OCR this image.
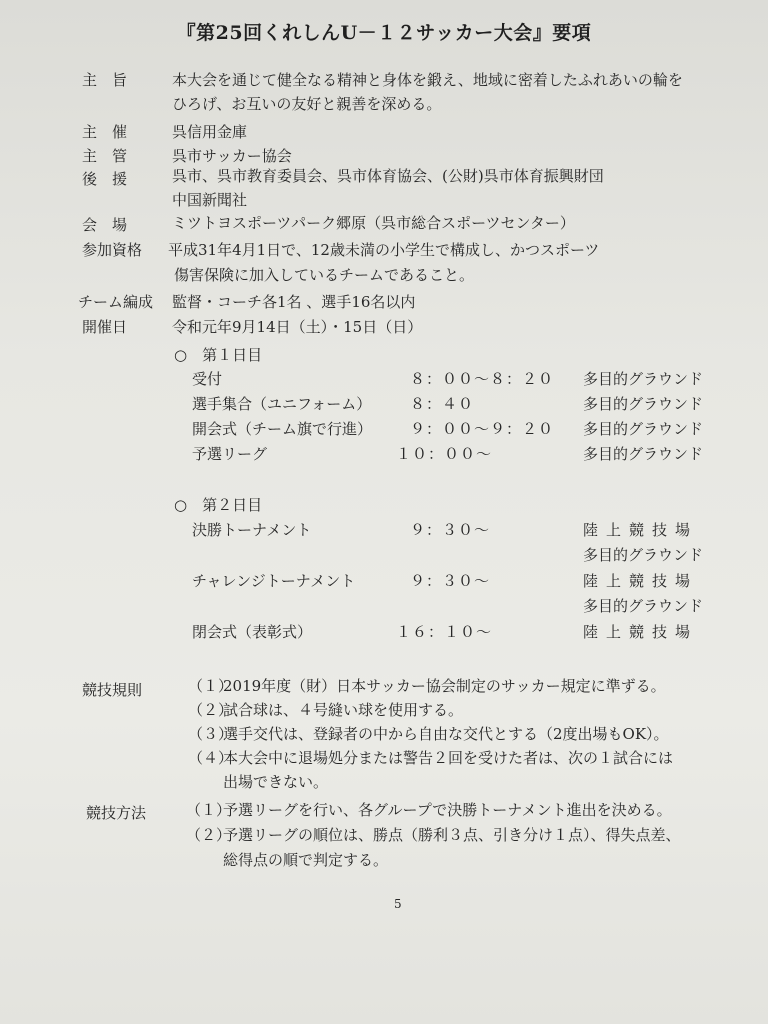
『第25回くれしんU－１２サッカー大会』要項
主　旨	本大会を通じて健全なる精神と身体を鍛え、地域に密着したふれあいの輪を
ひろげ、お互いの友好と親善を深める。
主　催	呉信用金庫
主　管	呉市サッカー協会
後　援	呉市、呉市教育委員会、呉市体育協会、(公財)呉市体育振興財団
中国新聞社
会　場	ミツトヨスポーツパーク郷原（呉市総合スポーツセンター）
参加資格 平成31年4月1日で、12歳未満の小学生で構成し、かつスポーツ
傷害保険に加入しているチームであること。
チーム編成 監督・コーチ各1名 、選手16名以内
開催日	令和元年9月14日（土）・15日（日）
○　第１日目
受付	８：００～８：２０ 多目的グラウンド
選手集合（ユニフォーム）	８：４０	多目的グラウンド
開会式（チーム旗で行進）	９：００～９：２０ 多目的グラウンド
予選リーグ	１０：００～	多目的グラウンド
○　第２日目
決勝トーナメント	９：３０～	陸上競技場
多目的グラウンド
チャレンジトーナメント	９：３０～	陸上競技場
多目的グラウンド
閉会式（表彰式）	１６：１０～	陸上競技場
競技規則	（１）
2019年度（財）日本サッカー協会制定のサッカー規定に準ずる。
（２）
試合球は、４号縫い球を使用する。
（３）
選手交代は、登録者の中から自由な交代とする（2度出場もOK）。
（４）
本大会中に退場処分または警告２回を受けた者は、次の１試合には
出場できない。
競技方法	（１）
予選リーグを行い、各グループで決勝トーナメント進出を決める。
（２）
予選リーグの順位は、勝点（勝利３点、引き分け１点）、得失点差、
総得点の順で判定する。
5
